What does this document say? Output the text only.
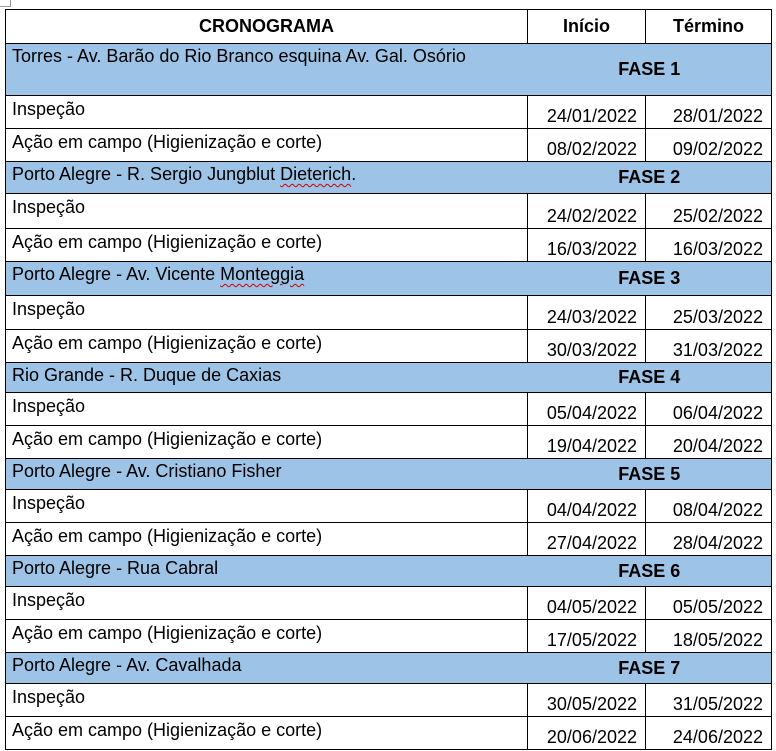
CRONOGRAMA	Início	Término
Torres - Av. Barão do Rio Branco esquina Av. Gal. Osório	FASE 1	
Inspeção	24/01/2022	28/01/2022
Ação em campo (Higienização e corte)	08/02/2022	09/02/2022
Porto Alegre - R. Sergio Jungblut Dieterich.	FASE 2	
Inspeção	24/02/2022	25/02/2022
Ação em campo (Higienização e corte)	16/03/2022	16/03/2022
Porto Alegre - Av. Vicente Monteggia	FASE 3	
Inspeção	24/03/2022	25/03/2022
Ação em campo (Higienização e corte)	30/03/2022	31/03/2022
Rio Grande - R. Duque de Caxias	FASE 4	
Inspeção	05/04/2022	06/04/2022
Ação em campo (Higienização e corte)	19/04/2022	20/04/2022
Porto Alegre - Av. Cristiano Fisher	FASE 5	
Inspeção	04/04/2022	08/04/2022
Ação em campo (Higienização e corte)	27/04/2022	28/04/2022
Porto Alegre - Rua Cabral	FASE 6	
Inspeção	04/05/2022	05/05/2022
Ação em campo (Higienização e corte)	17/05/2022	18/05/2022
Porto Alegre - Av. Cavalhada	FASE 7	
Inspeção	30/05/2022	31/05/2022
Ação em campo (Higienização e corte)	20/06/2022	24/06/2022
